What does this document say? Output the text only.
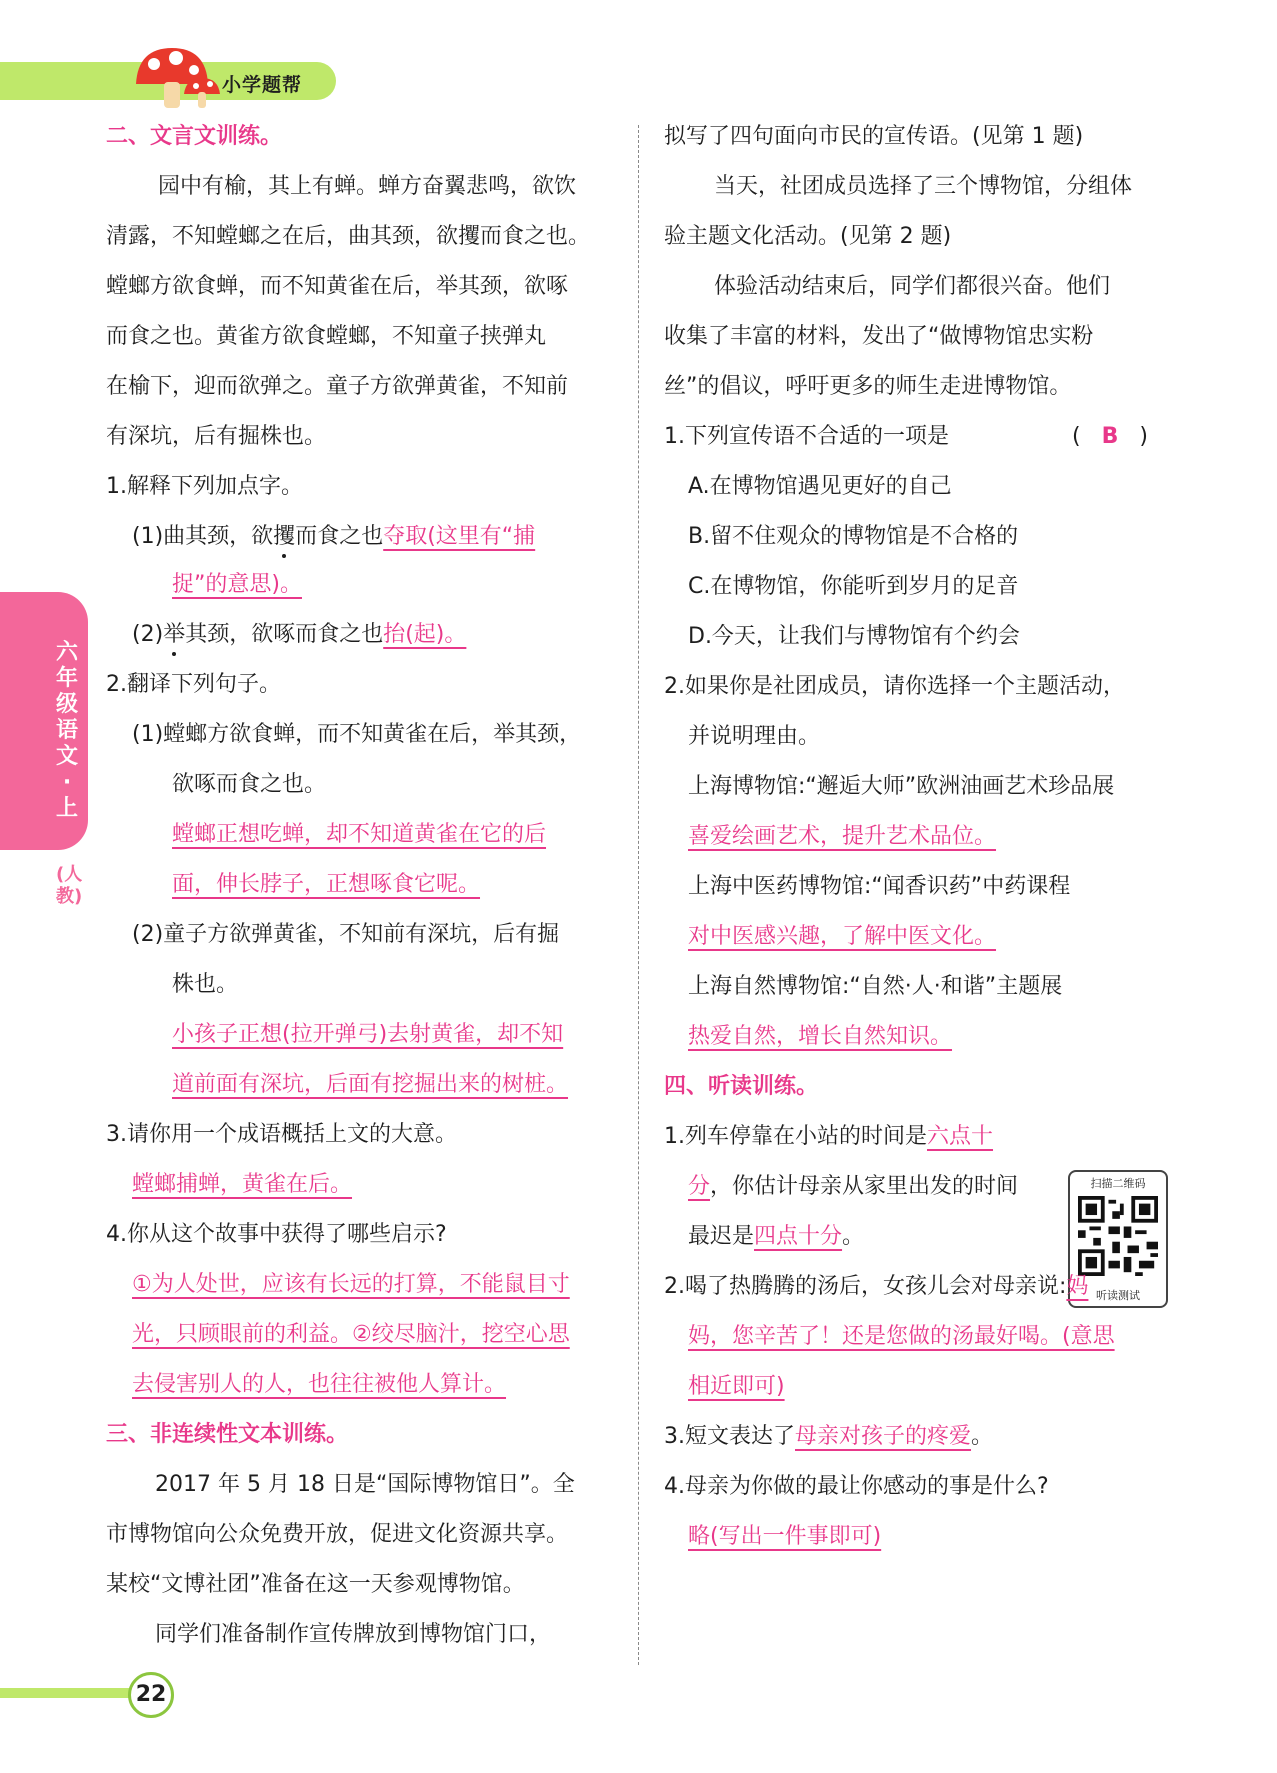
小学题帮
六年级语文·上
(人教)
二、文言文训练。
园中有榆，其上有蝉。蝉方奋翼悲鸣，欲饮
清露，不知螳螂之在后，曲其颈，欲攫而食之也。
螳螂方欲食蝉，而不知黄雀在后，举其颈，欲啄
而食之也。黄雀方欲食螳螂，不知童子挟弹丸
在榆下，迎而欲弹之。童子方欲弹黄雀，不知前
有深坑，后有掘株也。
1.解释下列加点字。
(1)曲其颈，欲攫而食之也夺取(这里有“捕
捉”的意思)。
(2)举其颈，欲啄而食之也抬(起)。
2.翻译下列句子。
(1)螳螂方欲食蝉，而不知黄雀在后，举其颈，
欲啄而食之也。
螳螂正想吃蝉，却不知道黄雀在它的后
面，伸长脖子，正想啄食它呢。
(2)童子方欲弹黄雀，不知前有深坑，后有掘
株也。
小孩子正想(拉开弹弓)去射黄雀，却不知
道前面有深坑，后面有挖掘出来的树桩。
3.请你用一个成语概括上文的大意。
螳螂捕蝉，黄雀在后。
4.你从这个故事中获得了哪些启示?
①为人处世，应该有长远的打算，不能鼠目寸
光，只顾眼前的利益。②绞尽脑汁，挖空心思
去侵害别人的人，也往往被他人算计。
三、非连续性文本训练。
2017 年 5 月 18 日是“国际博物馆日”。全
市博物馆向公众免费开放，促进文化资源共享。
某校“文博社团”准备在这一天参观博物馆。
同学们准备制作宣传牌放到博物馆门口，
拟写了四句面向市民的宣传语。(见第 1 题)
当天，社团成员选择了三个博物馆，分组体
验主题文化活动。(见第 2 题)
体验活动结束后，同学们都很兴奋。他们
收集了丰富的材料，发出了“做博物馆忠实粉
丝”的倡议，呼吁更多的师生走进博物馆。
1.下列宣传语不合适的一项是	(   B   )
A.在博物馆遇见更好的自己
B.留不住观众的博物馆是不合格的
C.在博物馆，你能听到岁月的足音
D.今天，让我们与博物馆有个约会
2.如果你是社团成员，请你选择一个主题活动，
并说明理由。
上海博物馆:“邂逅大师”欧洲油画艺术珍品展
喜爱绘画艺术，提升艺术品位。
上海中医药博物馆:“闻香识药”中药课程
对中医感兴趣，了解中医文化。
上海自然博物馆:“自然·人·和谐”主题展
热爱自然，增长自然知识。
四、听读训练。
1.列车停靠在小站的时间是六点十
分，你估计母亲从家里出发的时间
最迟是四点十分。
扫描二维码
听读测试
2.喝了热腾腾的汤后，女孩儿会对母亲说:妈
妈，您辛苦了！还是您做的汤最好喝。(意思
相近即可)
3.短文表达了母亲对孩子的疼爱。
4.母亲为你做的最让你感动的事是什么?
略(写出一件事即可)
22
